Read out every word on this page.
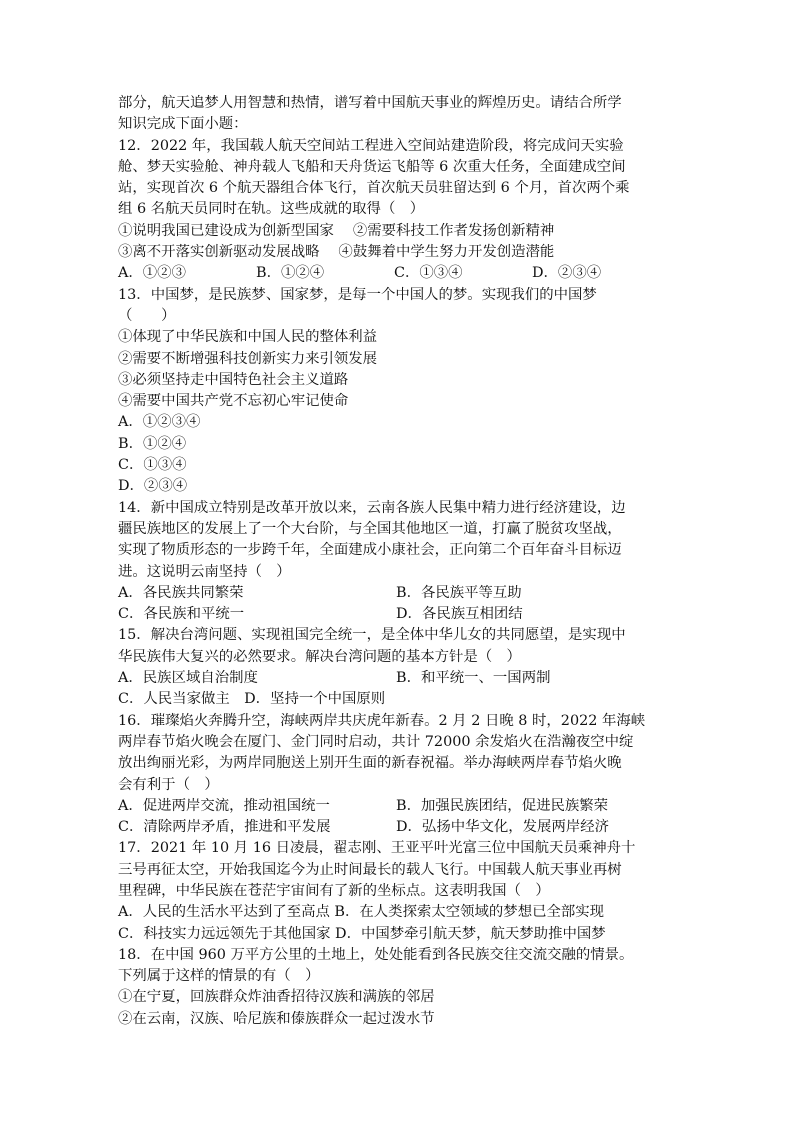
部分，航天追梦人用智慧和热情，谱写着中国航天事业的辉煌历史。请结合所学
知识完成下面小题：
12．2022 年，我国载人航天空间站工程进入空间站建造阶段，将完成问天实验
舱、梦天实验舱、神舟载人飞船和天舟货运飞船等 6 次重大任务，全面建成空间
站，实现首次 6 个航天器组合体飞行，首次航天员驻留达到 6 个月，首次两个乘
组 6 名航天员同时在轨。这些成就的取得（　）
①说明我国已建设成为创新型国家　 ②需要科技工作者发扬创新精神
③离不开落实创新驱动发展战略　 ④鼓舞着中学生努力开发创造潜能
A．①②③	B．①②④	C．①③④	D．②③④
13．中国梦，是民族梦、国家梦，是每一个中国人的梦。实现我们的中国梦
（　　）
①体现了中华民族和中国人民的整体利益
②需要不断增强科技创新实力来引领发展
③必须坚持走中国特色社会主义道路
④需要中国共产党不忘初心牢记使命
A．①②③④
B．①②④
C．①③④
D．②③④
14．新中国成立特别是改革开放以来，云南各族人民集中精力进行经济建设，边
疆民族地区的发展上了一个大台阶，与全国其他地区一道，打赢了脱贫攻坚战，
实现了物质形态的一步跨千年，全面建成小康社会，正向第二个百年奋斗目标迈
进。这说明云南坚持（　）
A．各民族共同繁荣	B．各民族平等互助
C．各民族和平统一	D．各民族互相团结
15．解决台湾问题、实现祖国完全统一，是全体中华儿女的共同愿望，是实现中
华民族伟大复兴的必然要求。解决台湾问题的基本方针是（　）
A．民族区域自治制度	B．和平统一、一国两制
C．人民当家做主　D．坚持一个中国原则
16．璀璨焰火奔腾升空，海峡两岸共庆虎年新春。2 月 2 日晚 8 时，2022 年海峡
两岸春节焰火晚会在厦门、金门同时启动，共计 72000 余发焰火在浩瀚夜空中绽
放出绚丽光彩，为两岸同胞送上别开生面的新春祝福。举办海峡两岸春节焰火晚
会有利于（　）
A．促进两岸交流，推动祖国统一	B．加强民族团结，促进民族繁荣
C．清除两岸矛盾，推进和平发展	D．弘扬中华文化，发展两岸经济
17．2021 年 10 月 16 日凌晨，翟志刚、王亚平叶光富三位中国航天员乘神舟十
三号再征太空，开始我国迄今为止时间最长的载人飞行。中国载人航天事业再树
里程碑，中华民族在苍茫宇宙间有了新的坐标点。这表明我国（　）
A．人民的生活水平达到了至高点 B．在人类探索太空领域的梦想已全部实现
C．科技实力远远领先于其他国家 D．中国梦牵引航天梦，航天梦助推中国梦
18．在中国 960 万平方公里的土地上，处处能看到各民族交往交流交融的情景。
下列属于这样的情景的有（　）
①在宁夏，回族群众炸油香招待汉族和满族的邻居
②在云南，汉族、哈尼族和傣族群众一起过泼水节
